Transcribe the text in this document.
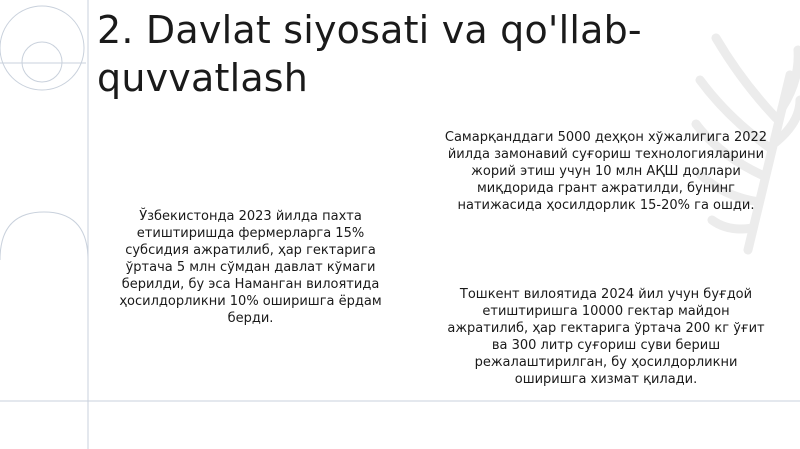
2. Davlat siyosati va qo'llab-quvvatlash

Ўзбекистонда 2023 йилда пахта етиштиришда фермерларга 15% субсидия ажратилиб, ҳар гектарига ўртача 5 млн сўмдан давлат кўмаги берилди, бу эса Наманган вилоятида ҳосилдорликни 10% оширишга ёрдам берди.

Самарқанддаги 5000 деҳқон хўжалигига 2022 йилда замонавий суғориш технологияларини жорий этиш учун 10 млн АҚШ доллари миқдорида грант ажратилди, бунинг натижасида ҳосилдорлик 15-20% га ошди.

Тошкент вилоятида 2024 йил учун буғдой етиштиришга 10000 гектар майдон ажратилиб, ҳар гектарига ўртача 200 кг ўғит ва 300 литр суғориш суви бериш режалаштирилган, бу ҳосилдорликни оширишга хизмат қилади.
